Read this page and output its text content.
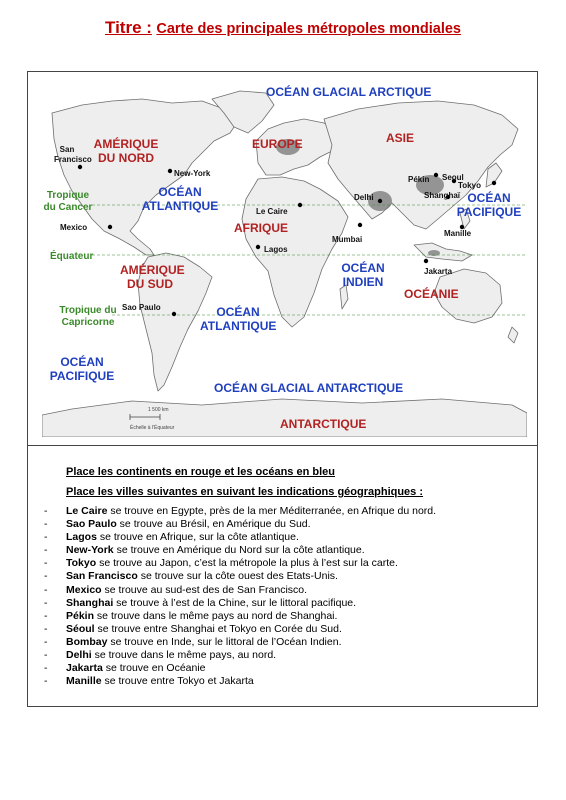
Titre : Carte des principales métropoles mondiales
OCÉAN GLACIAL ARCTIQUE
OCÉAN ATLANTIQUE
OCÉAN ATLANTIQUE
OCÉAN PACIFIQUE
OCÉAN PACIFIQUE
OCÉAN INDIEN
OCÉAN GLACIAL ANTARCTIQUE
AMÉRIQUE DU NORD
AMÉRIQUE DU SUD
EUROPE
AFRIQUE
ASIE
OCÉANIE
ANTARCTIQUE
Tropique du Cancer
Équateur
Tropique du Capricorne
San Francisco
New-York
Mexico
Sao Paulo
Le Caire
Lagos
Delhi
Mumbai
Pékin Seoul
Tokyo
Shanghaï
Manille
Jakarta
1 500 km
Échelle à l'Équateur
Place les continents en rouge et les océans en bleu
Place les villes suivantes en suivant les indications géographiques :
- Le Caire se trouve en Egypte, près de la mer Méditerranée, en Afrique du nord.
- Sao Paulo se trouve au Brésil, en Amérique du Sud.
- Lagos se trouve en Afrique, sur la côte atlantique.
- New-York se trouve en Amérique du Nord sur la côte atlantique.
- Tokyo se trouve au Japon, c’est la métropole la plus à l’est sur la carte.
- San Francisco se trouve sur la côte ouest des Etats-Unis.
- Mexico se trouve au sud-est des de San Francisco.
- Shanghai se trouve à l’est de la Chine, sur le littoral pacifique.
- Pékin se trouve dans le même pays au nord de Shanghai.
- Séoul se trouve entre Shanghai et Tokyo en Corée du Sud.
- Bombay se trouve en Inde, sur le littoral de l’Océan Indien.
- Delhi se trouve dans le même pays, au nord.
- Jakarta se trouve en Océanie
- Manille se trouve entre Tokyo et Jakarta
